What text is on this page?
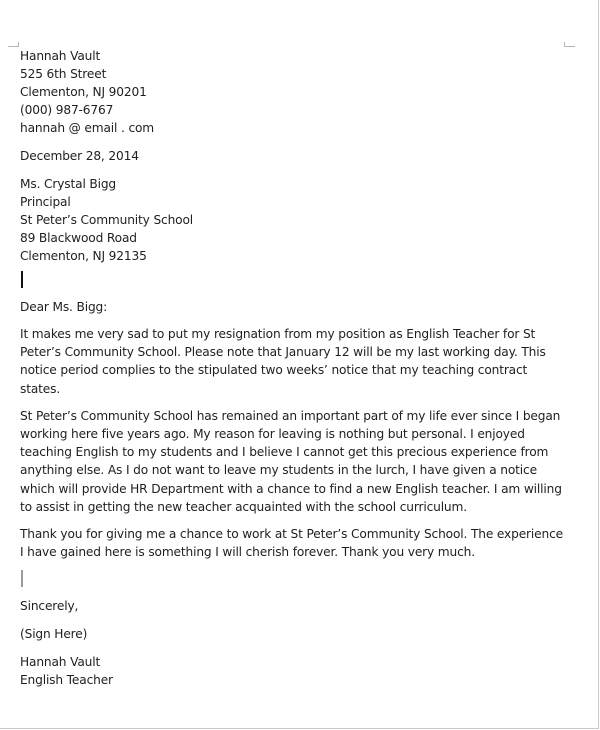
Hannah Vault
525 6th Street
Clementon, NJ 90201
(000) 987-6767
hannah @ email . com
December 28, 2014
Ms. Crystal Bigg
Principal
St Peter’s Community School
89 Blackwood Road
Clementon, NJ 92135
Dear Ms. Bigg:

It makes me very sad to put my resignation from my position as English Teacher for St Peter’s Community School. Please note that January 12 will be my last working day. This notice period complies to the stipulated two weeks’ notice that my teaching contract states.

St Peter’s Community School has remained an important part of my life ever since I began working here five years ago. My reason for leaving is nothing but personal. I enjoyed teaching English to my students and I believe I cannot get this precious experience from anything else. As I do not want to leave my students in the lurch, I have given a notice which will provide HR Department with a chance to find a new English teacher. I am willing to assist in getting the new teacher acquainted with the school curriculum.

Thank you for giving me a chance to work at St Peter’s Community School. The experience I have gained here is something I will cherish forever. Thank you very much.

Sincerely,
(Sign Here)
Hannah Vault
English Teacher
